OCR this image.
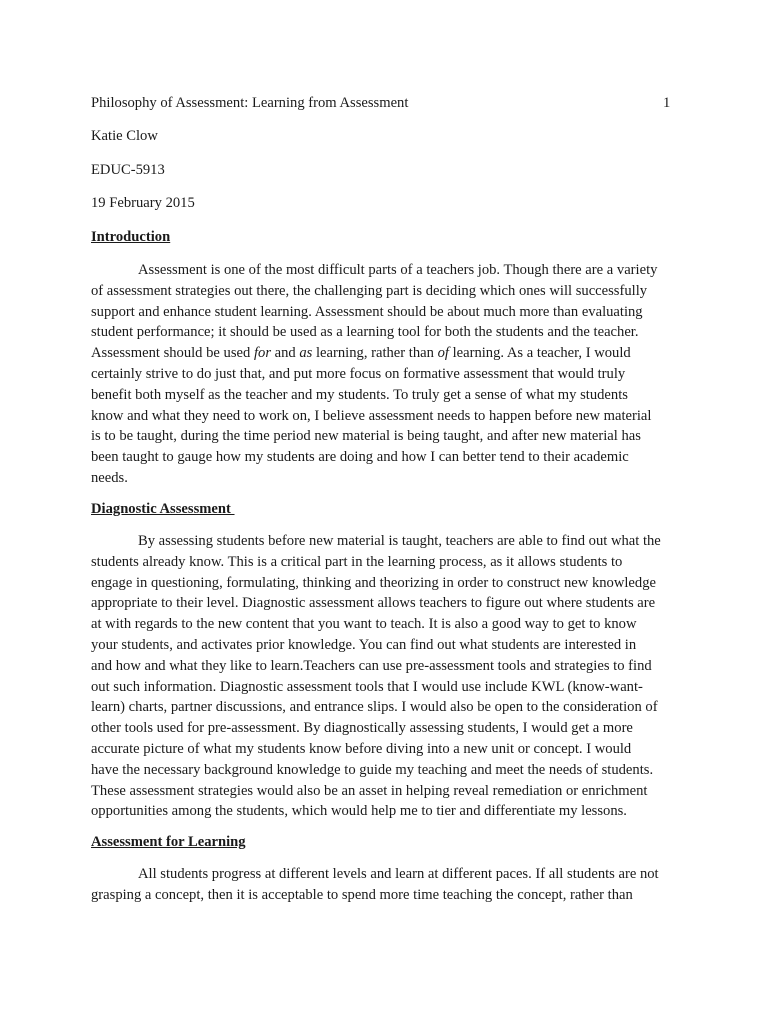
Philosophy of Assessment: Learning from Assessment	1
Katie Clow
EDUC-5913
19 February 2015
Introduction
Assessment is one of the most difficult parts of a teachers job. Though there are a variety
of assessment strategies out there, the challenging part is deciding which ones will successfully
support and enhance student learning. Assessment should be about much more than evaluating
student performance; it should be used as a learning tool for both the students and the teacher.
Assessment should be used for and as learning, rather than of learning. As a teacher, I would
certainly strive to do just that, and put more focus on formative assessment that would truly
benefit both myself as the teacher and my students. To truly get a sense of what my students
know and what they need to work on, I believe assessment needs to happen before new material
is to be taught, during the time period new material is being taught, and after new material has
been taught to gauge how my students are doing and how I can better tend to their academic
needs.
Diagnostic Assessment
By assessing students before new material is taught, teachers are able to find out what the
students already know. This is a critical part in the learning process, as it allows students to
engage in questioning, formulating, thinking and theorizing in order to construct new knowledge
appropriate to their level. Diagnostic assessment allows teachers to figure out where students are
at with regards to the new content that you want to teach. It is also a good way to get to know
your students, and activates prior knowledge. You can find out what students are interested in
and how and what they like to learn.Teachers can use pre-assessment tools and strategies to find
out such information. Diagnostic assessment tools that I would use include KWL (know-want-
learn) charts, partner discussions, and entrance slips. I would also be open to the consideration of
other tools used for pre-assessment. By diagnostically assessing students, I would get a more
accurate picture of what my students know before diving into a new unit or concept. I would
have the necessary background knowledge to guide my teaching and meet the needs of students.
These assessment strategies would also be an asset in helping reveal remediation or enrichment
opportunities among the students, which would help me to tier and differentiate my lessons.
Assessment for Learning
All students progress at different levels and learn at different paces. If all students are not
grasping a concept, then it is acceptable to spend more time teaching the concept, rather than
